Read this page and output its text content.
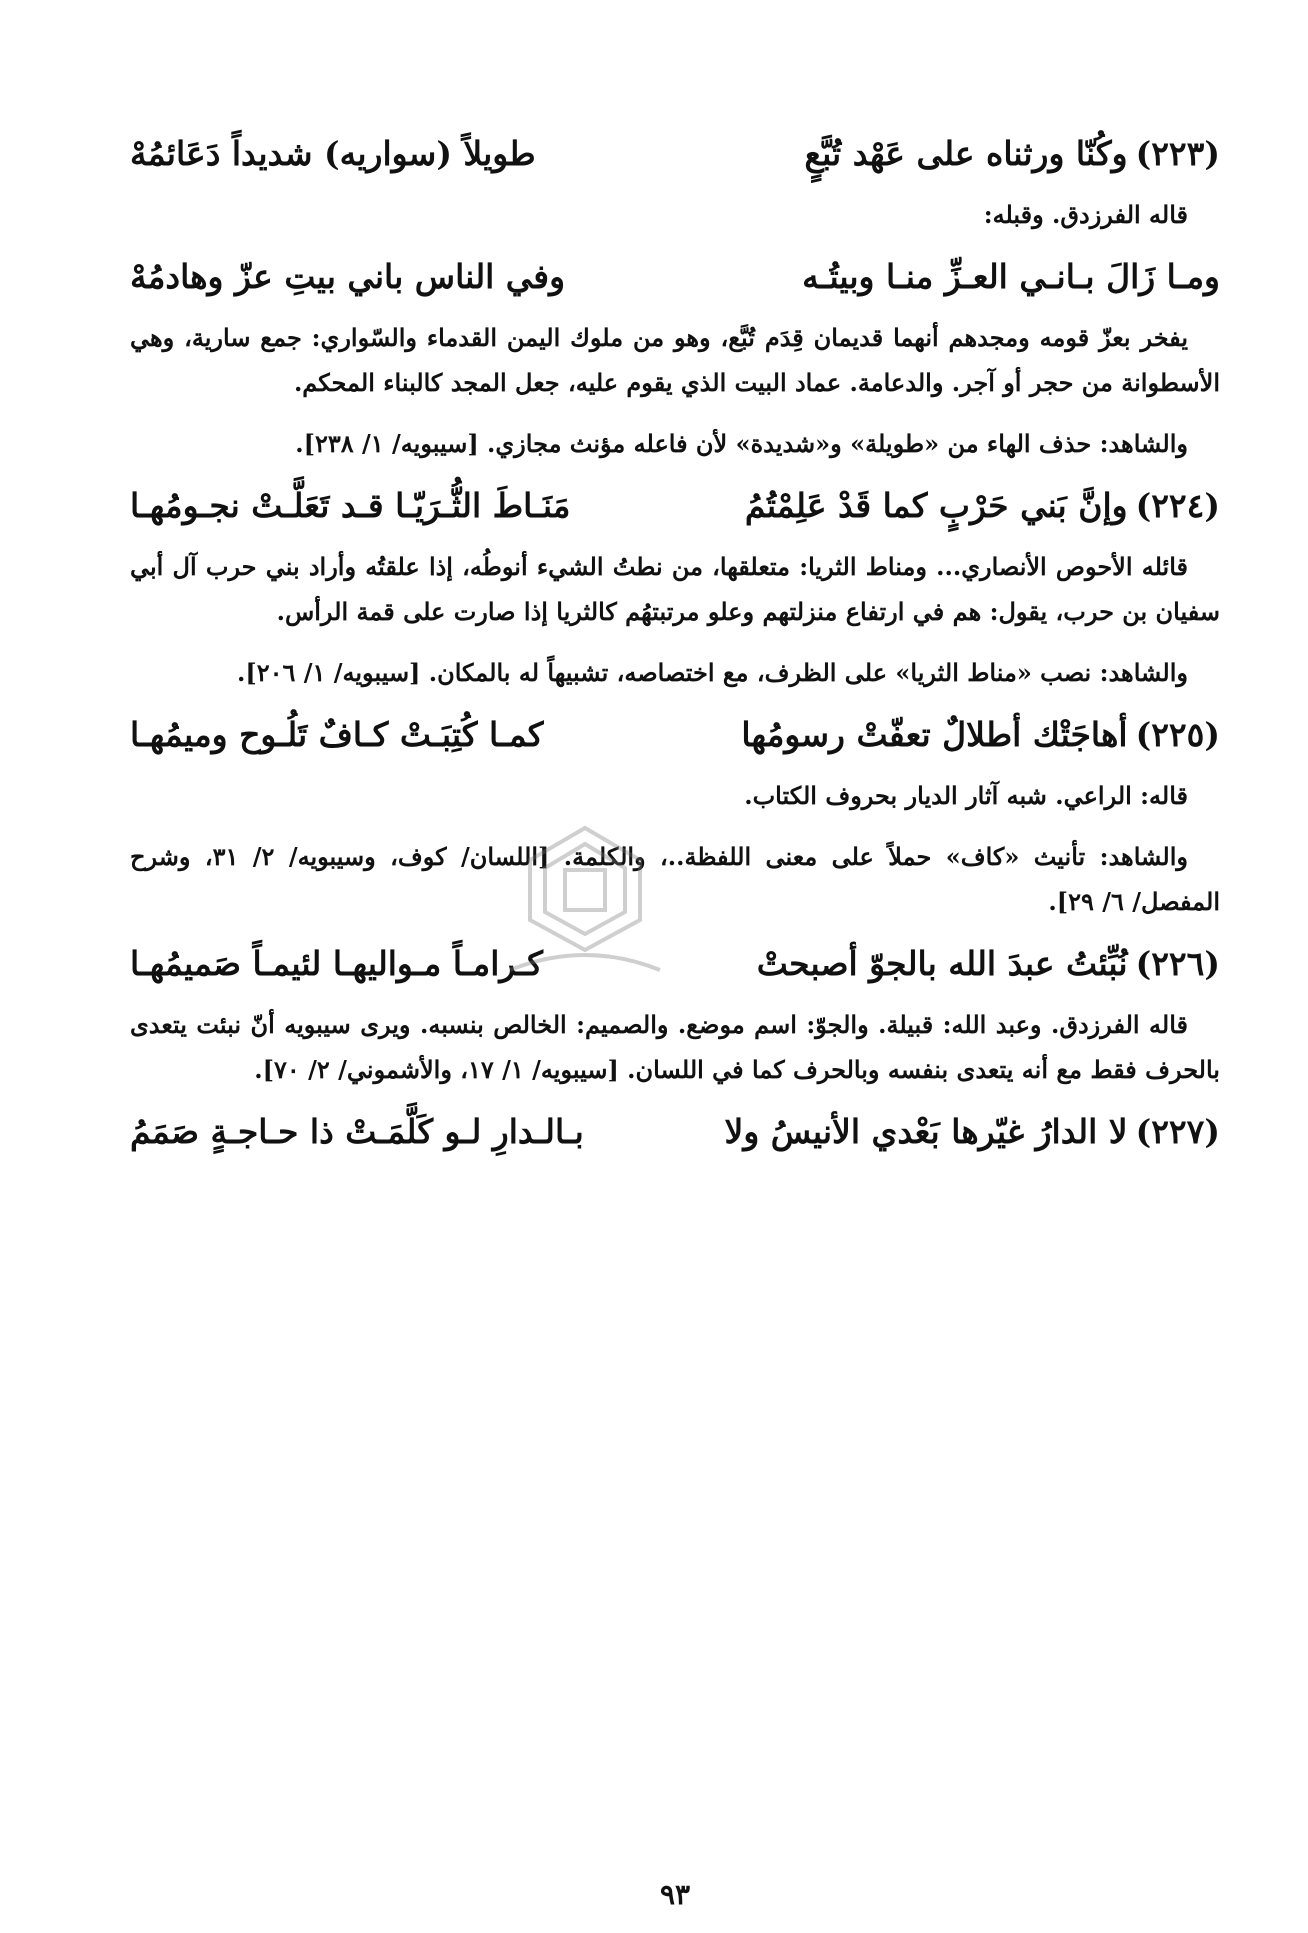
(٢٢٣)وكُنّا ورثناه على عَهْد تُبَّعٍ
طويلاً (سواريه) شديداً دَعَائمُهْ

قاله الفرزدق. وقبله:

ومـا زَالَ بـانـي العـزِّ منـا وبيتُـه
وفي الناس باني بيتِ عزّ وهادمُهْ

يفخر بعزّ قومه ومجدهم أنهما قديمان قِدَم تُبَّع، وهو من ملوك اليمن القدماء والسّواري: جمع سارية، وهي الأسطوانة من حجر أو آجر. والدعامة. عماد البيت الذي يقوم عليه، جعل المجد كالبناء المحكم.

والشاهد: حذف الهاء من «طويلة» و«شديدة» لأن فاعله مؤنث مجازي. [سيبويه/ ١/ ٢٣٨].

(٢٢٤)وإنَّ بَني حَرْبٍ كما قَدْ عَلِمْتُمُ
مَنَـاطَ الثُّـرَيّـا قـد تَعَلَّـتْ نجـومُهـا

قائله الأحوص الأنصاري... ومناط الثريا: متعلقها، من نطتُ الشيء أنوطُه، إذا علقتُه وأراد بني حرب آل أبي سفيان بن حرب، يقول: هم في ارتفاع منزلتهم وعلو مرتبتهُم كالثريا إذا صارت على قمة الرأس.

والشاهد: نصب «مناط الثريا» على الظرف، مع اختصاصه، تشبيهاً له بالمكان. [سيبويه/ ١/ ٢٠٦].

(٢٢٥)أهاجَتْك أطلالٌ تعفّتْ رسومُها
كمـا كُتِبَـتْ كـافٌ تَلُـوح وميمُهـا

قاله: الراعي. شبه آثار الديار بحروف الكتاب.

والشاهد: تأنيث «كاف» حملاً على معنى اللفظة..، والكلمة. [اللسان/ كوف، وسيبويه/ ٢/ ٣١، وشرح المفصل/ ٦/ ٢٩].

(٢٢٦)نُبِّئتُ عبدَ الله بالجوّ أصبحتْ
كـرامـاً مـواليهـا لئيمـاً صَميمُهـا

قاله الفرزدق. وعبد الله: قبيلة. والجوّ: اسم موضع. والصميم: الخالص بنسبه. ويرى سيبويه أنّ نبئت يتعدى بالحرف فقط مع أنه يتعدى بنفسه وبالحرف كما في اللسان. [سيبويه/ ١/ ١٧، والأشموني/ ٢/ ٧٠].

(٢٢٧)لا الدارُ غيّرها بَعْدي الأنيسُ ولا
بـالـدارِ لـو كَلَّمَـتْ ذا حـاجـةٍ صَمَمُ
٩٣
